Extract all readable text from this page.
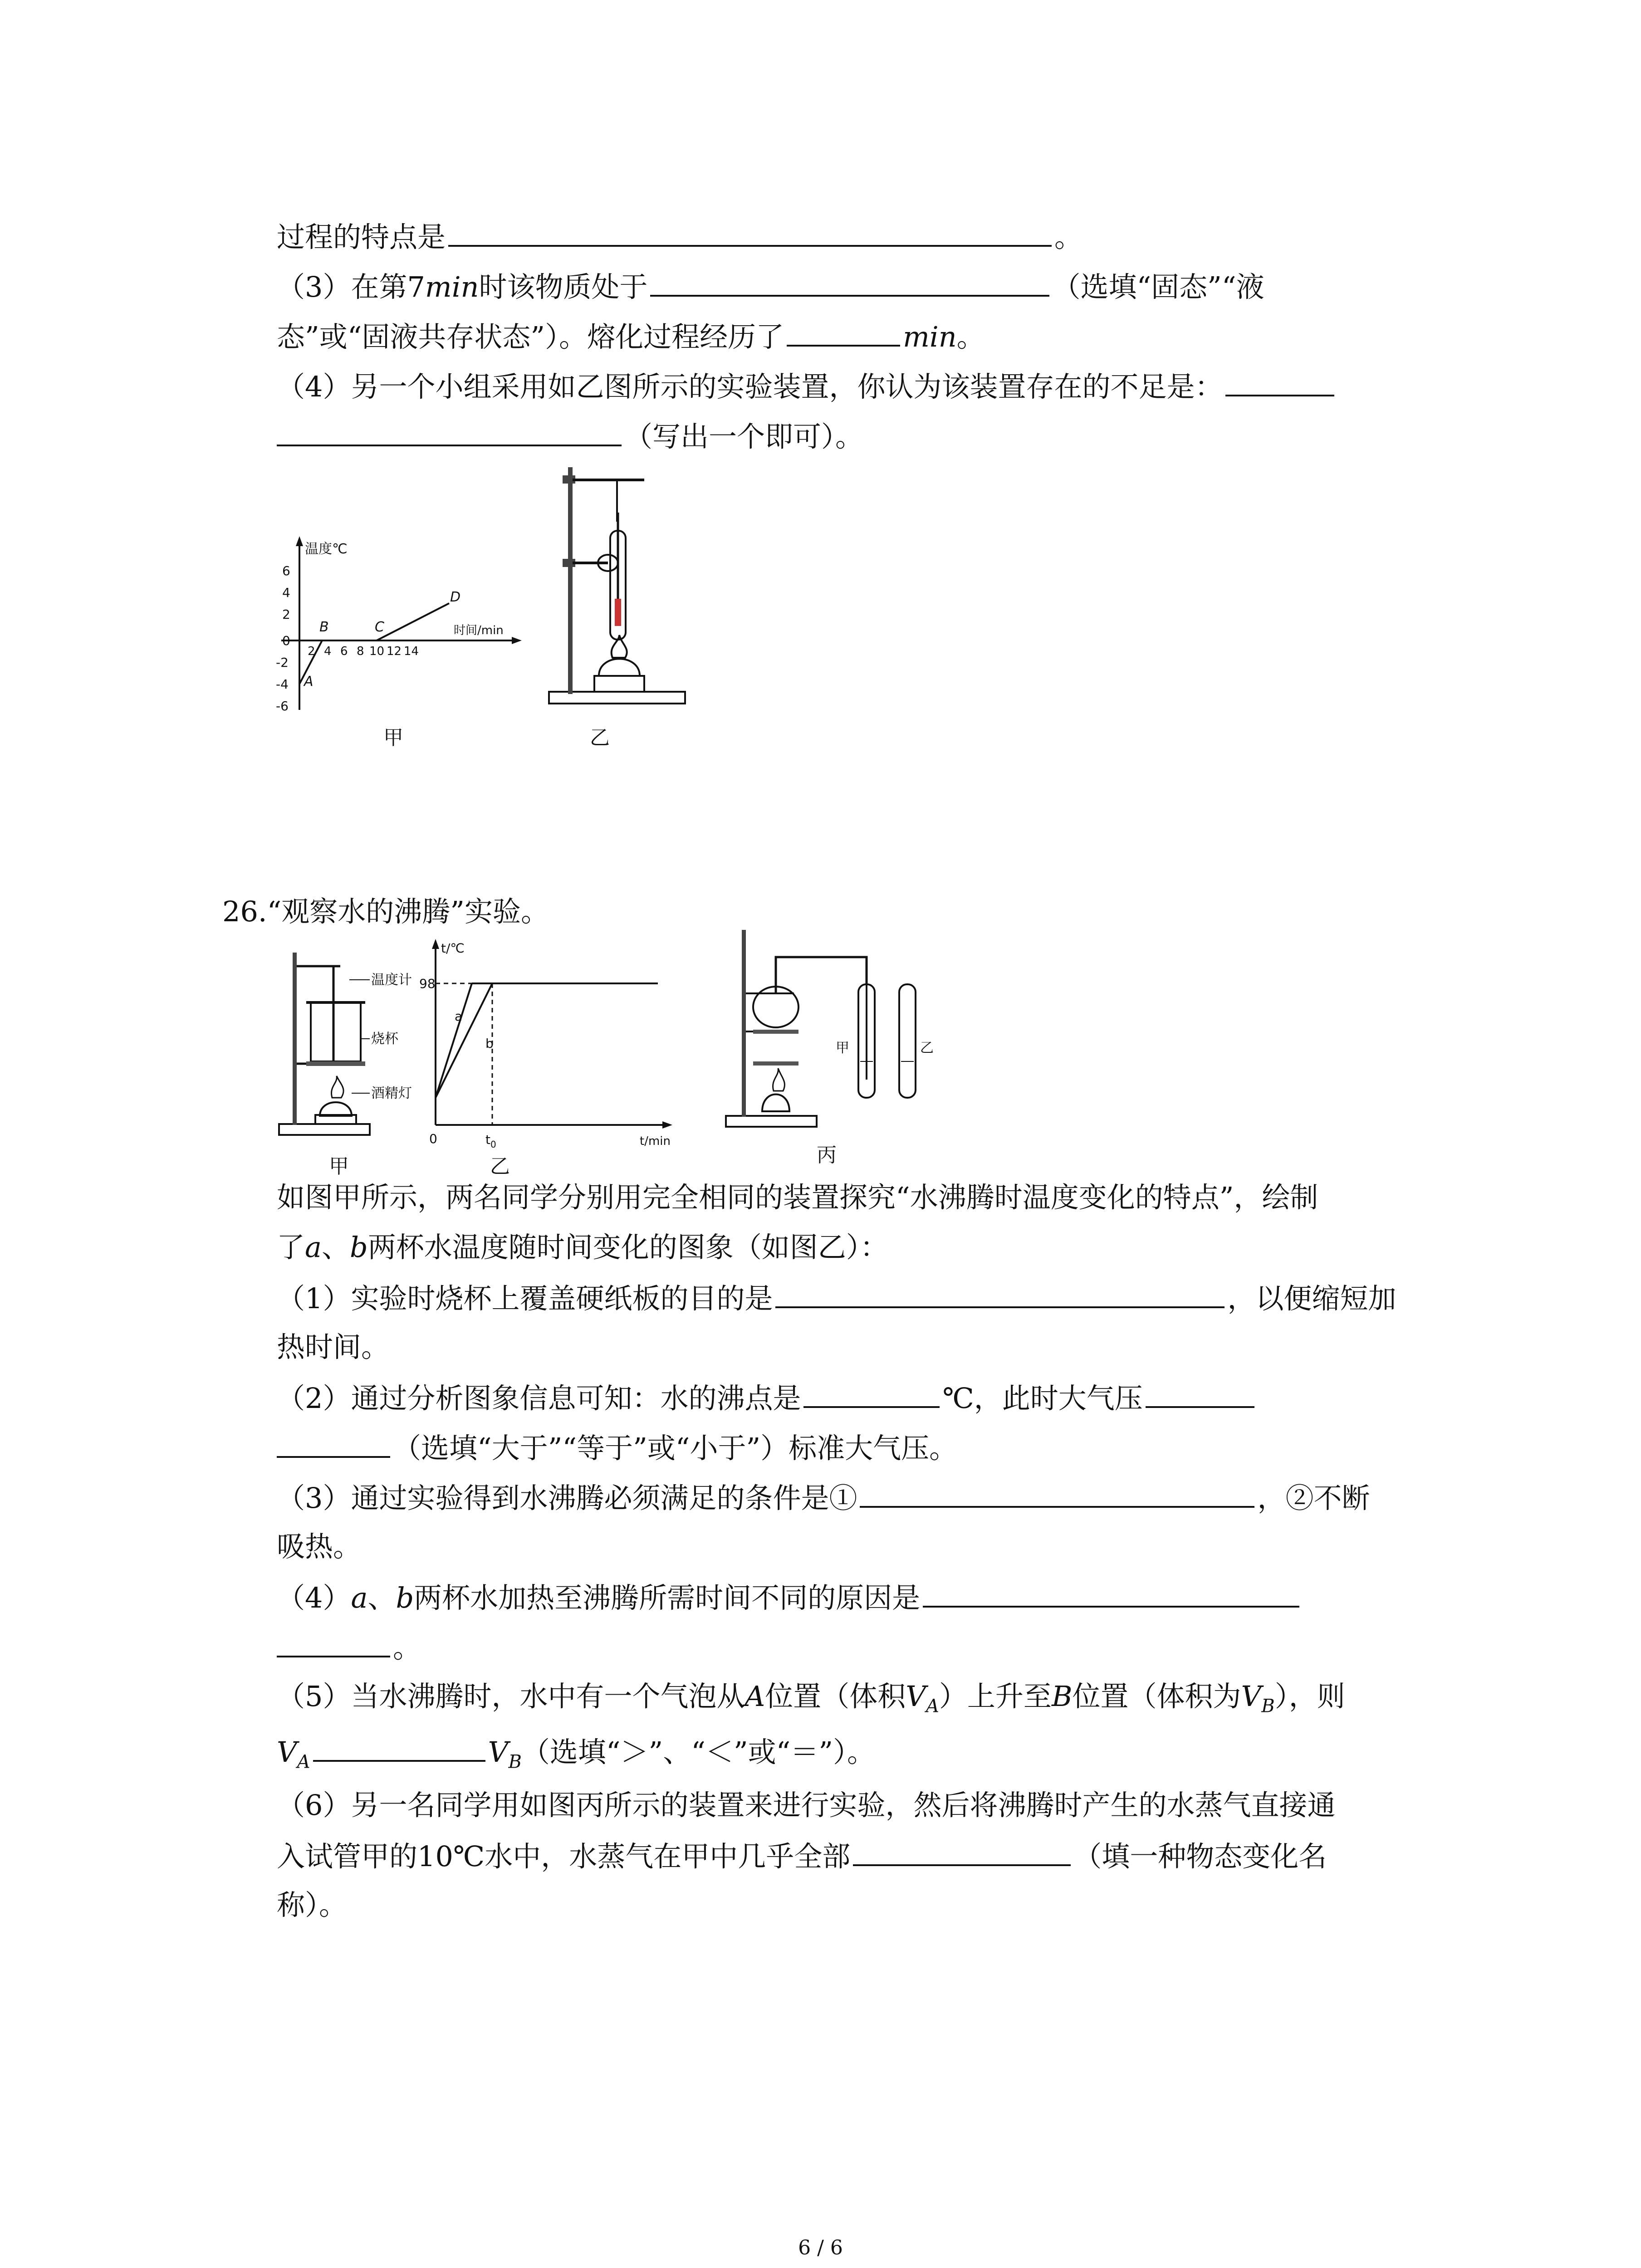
过程的特点是	。
（3）在第7min时该物质处于	（选填“固态”“液
态”或“固液共存状态”）。熔化过程经历了	min。
（4）另一个小组采用如乙图所示的实验装置，你认为该装置存在的不足是：
（写出一个即可）。
温度℃
时间/min
6
4
2
0
-2
-4
-6
2 4 6 8 10 12 14
A
B	C
D
甲	乙
26.“观察水的沸腾”实验。
温度计
烧杯
酒精灯
甲
t/℃
t/min
98
0	$t_0$
a
b
乙
甲	乙
丙
如图甲所示，两名同学分别用完全相同的装置探究“水沸腾时温度变化的特点”，绘制
了a、b两杯水温度随时间变化的图象（如图乙）：
（1）实验时烧杯上覆盖硬纸板的目的是	，以便缩短加
热时间。
（2）通过分析图象信息可知：水的沸点是	℃，此时大气压
（选填“大于”“等于”或“小于”）标准大气压。
（3）通过实验得到水沸腾必须满足的条件是①	，②不断
吸热。
（4）a、b两杯水加热至沸腾所需时间不同的原因是
。
（5）当水沸腾时，水中有一个气泡从A位置（体积$V_A$）上升至B位置（体积为$V_B$），则
$V_A$	$V_B$（选填“＞”、“＜”或“＝”）。
（6）另一名同学用如图丙所示的装置来进行实验，然后将沸腾时产生的水蒸气直接通
入试管甲的10℃水中，水蒸气在甲中几乎全部	（填一种物态变化名
称）。
6 / 6
